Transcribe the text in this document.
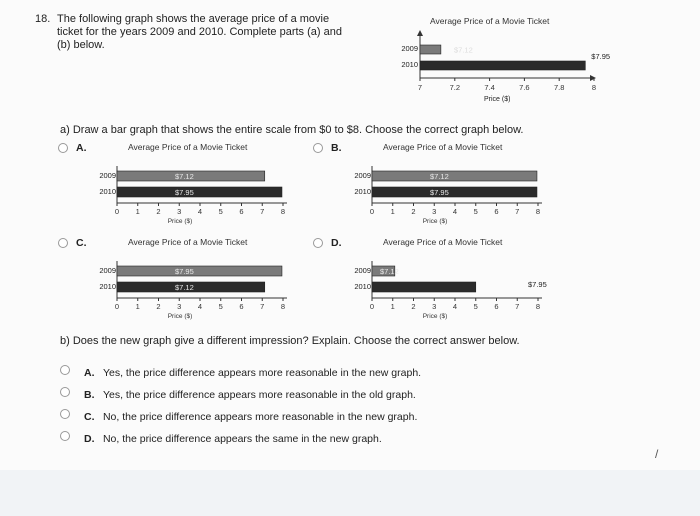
18. The following graph shows the average price of a movie
ticket for the years 2009 and 2010. Complete parts (a) and
(b) below.
Average Price of a Movie Ticket
7	7.2	7.4	7.6	7.8	8
2009	$7.12
2010
$7.95
Price ($)
a) Draw a bar graph that shows the entire scale from $0 to $8. Choose the correct graph below.
A.	Average Price of a Movie Ticket
0 1 2 3 4 5 6 7 8
Price ($)
2009	$7.12
2010	$7.95
B.	Average Price of a Movie Ticket
0 1 2 3 4 5 6 7 8
Price ($)
2009	$7.12
2010	$7.95
C.	Average Price of a Movie Ticket
0 1 2 3 4 5 6 7 8
Price ($)
2009	$7.95
2010	$7.12
D.	Average Price of a Movie Ticket
0 1 2 3 4 5 6 7 8
Price ($)
2009 $7.12
2010	$7.95
b) Does the new graph give a different impression? Explain. Choose the correct answer below.
A. Yes, the price difference appears more reasonable in the new graph.
B. Yes, the price difference appears more reasonable in the old graph.
C. No, the price difference appears more reasonable in the new graph.
D. No, the price difference appears the same in the new graph.
/
